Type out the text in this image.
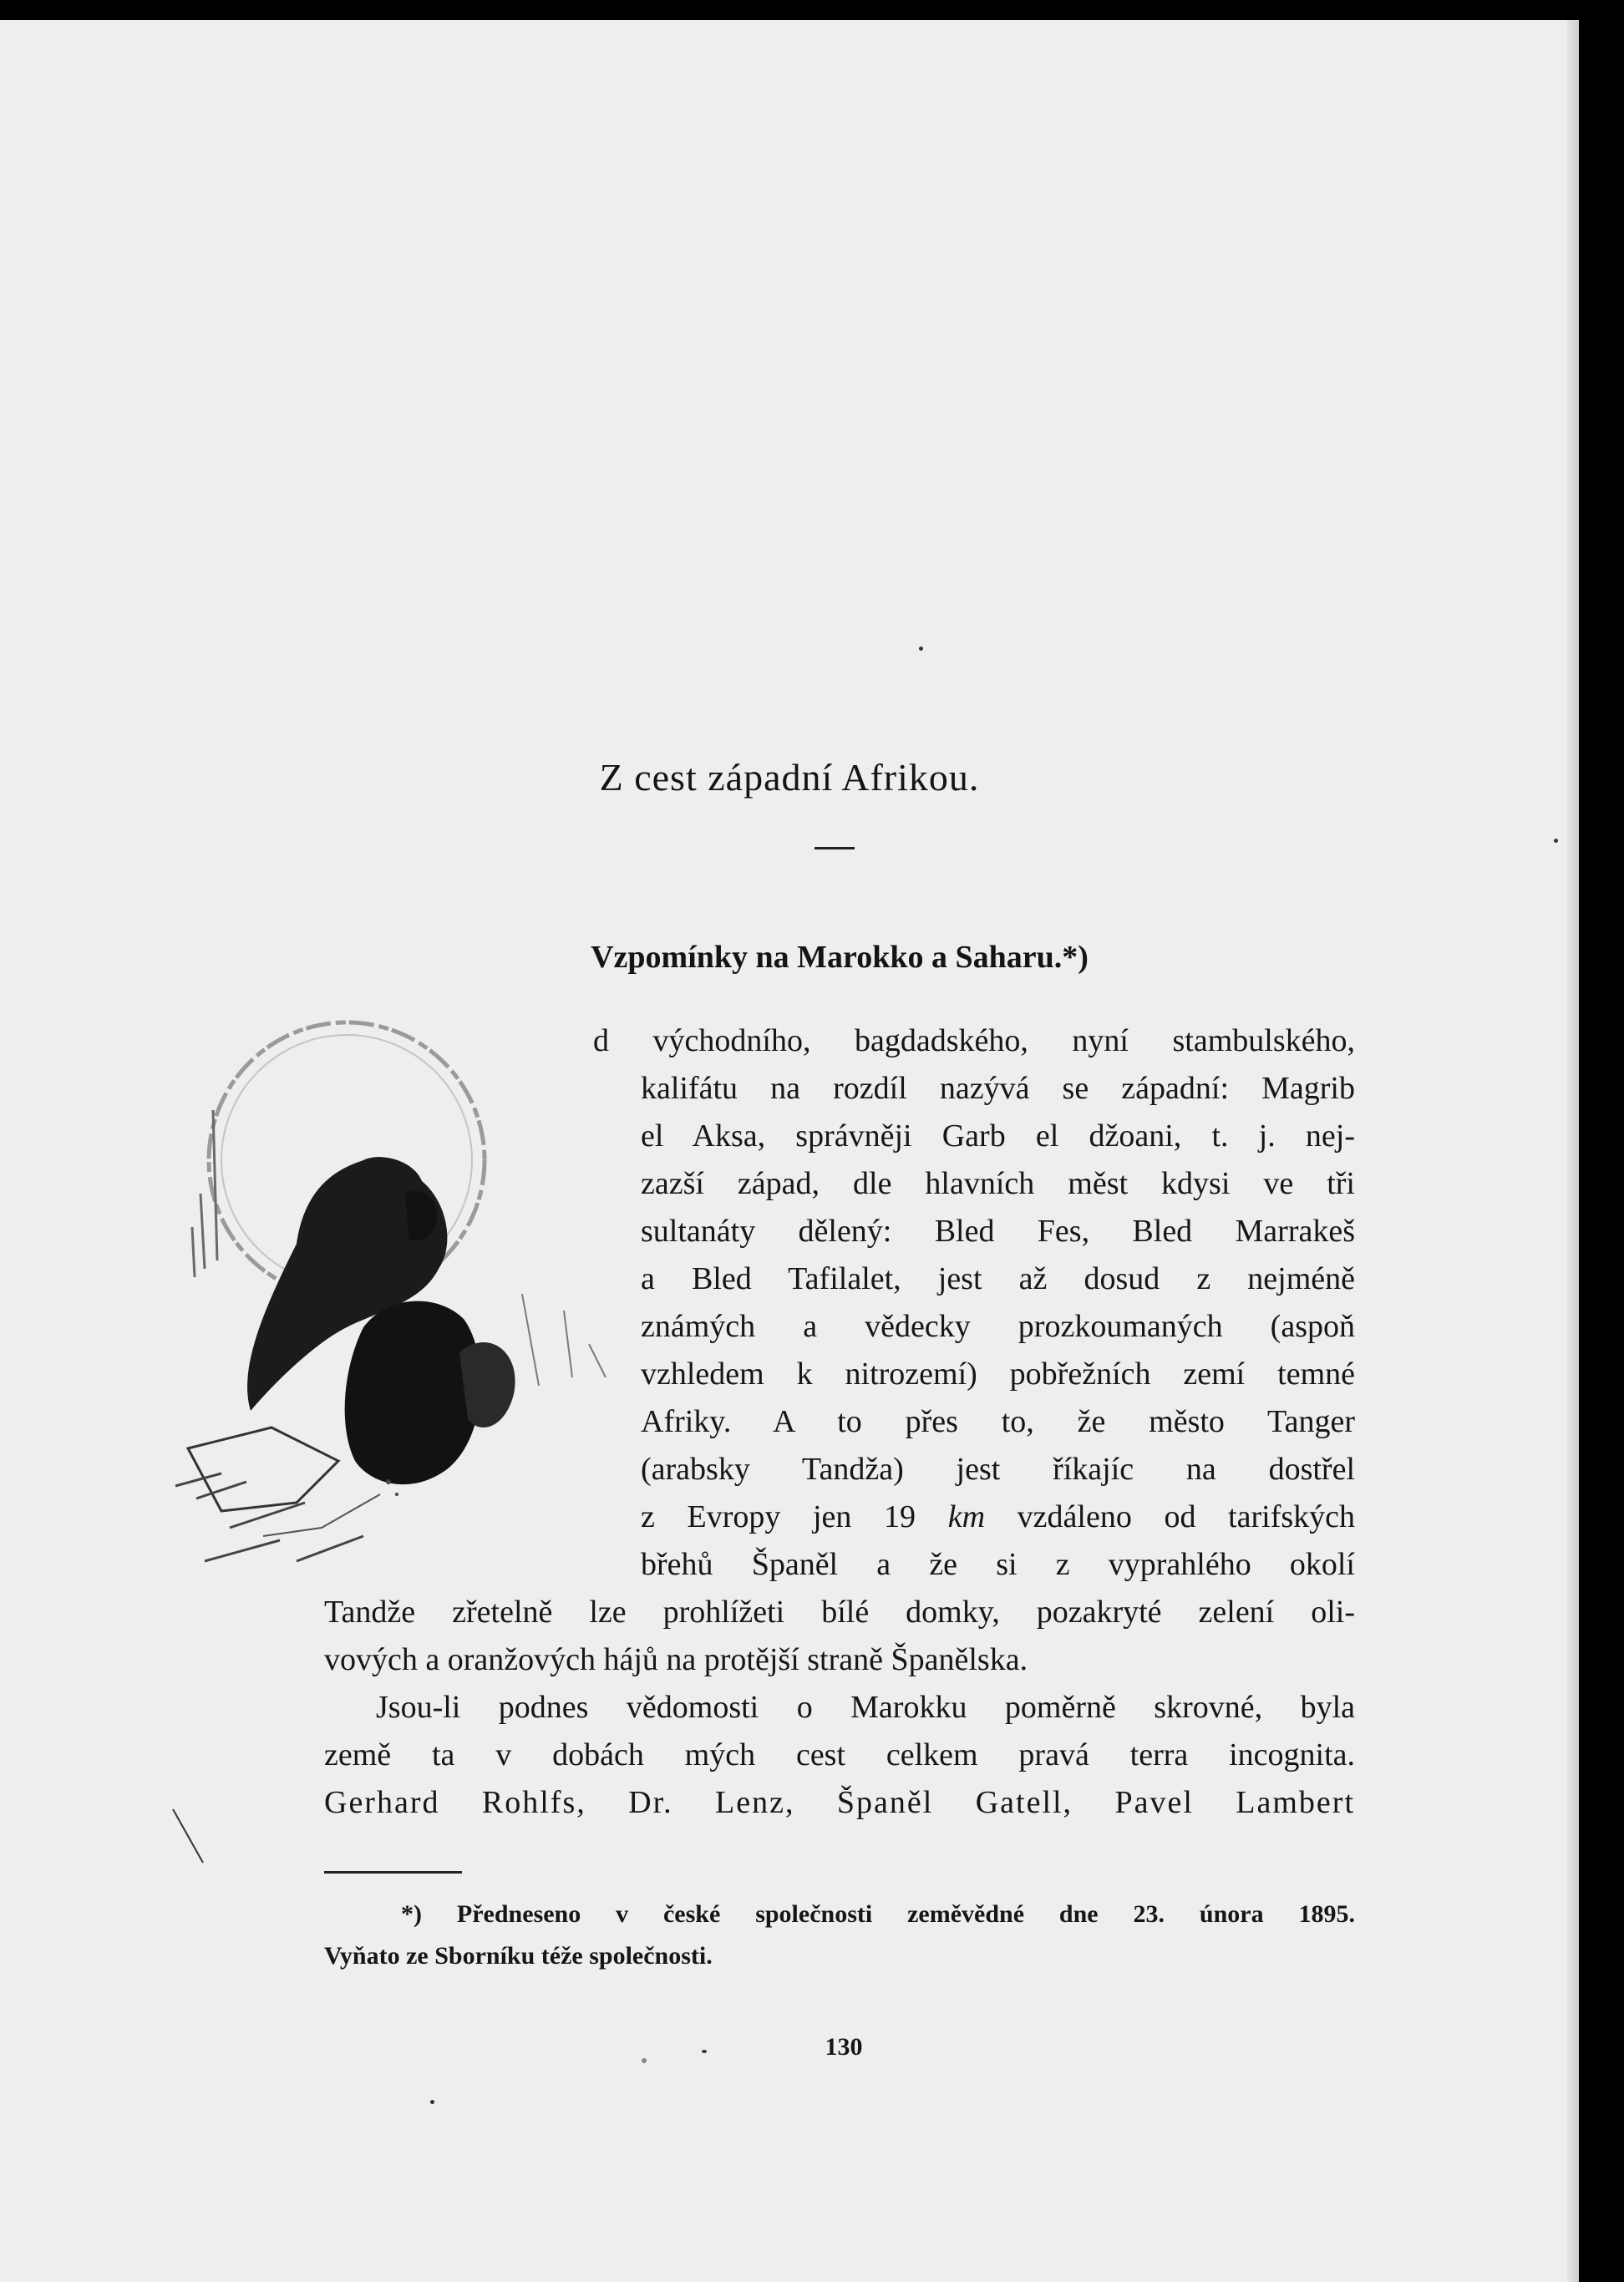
Z cest západní Afrikou.
Vzpomínky na Marokko a Saharu.*)
d východního, bagdadského, nyní stambulského,
kalifátu na rozdíl nazývá se západní: Magrib
el Aksa, správněji Garb el džoani, t. j. nej-
zazší západ, dle hlavních měst kdysi ve tři
sultanáty dělený: Bled Fes, Bled Marrakeš
a Bled Tafilalet, jest až dosud z nejméně
známých a vědecky prozkoumaných (aspoň
vzhledem k nitrozemí) pobřežních zemí temné
Afriky. A to přes to, že město Tanger
(arabsky Tandža) jest říkajíc na dostřel
z Evropy jen 19 km vzdáleno od tarifských
břehů Španěl a že si z vyprahlého okolí
Tandže zřetelně lze prohlížeti bílé domky, pozakryté zelení oli-
vových a oranžových hájů na protější straně Španělska.
Jsou-li podnes vědomosti o Marokku poměrně skrovné, byla
země ta v dobách mých cest celkem pravá terra incognita.
Gerhard Rohlfs, Dr. Lenz, Španěl Gatell, Pavel Lambert
*) Předneseno v české společnosti zeměvědné dne 23. února 1895.
Vyňato ze Sborníku téže společnosti.
130
